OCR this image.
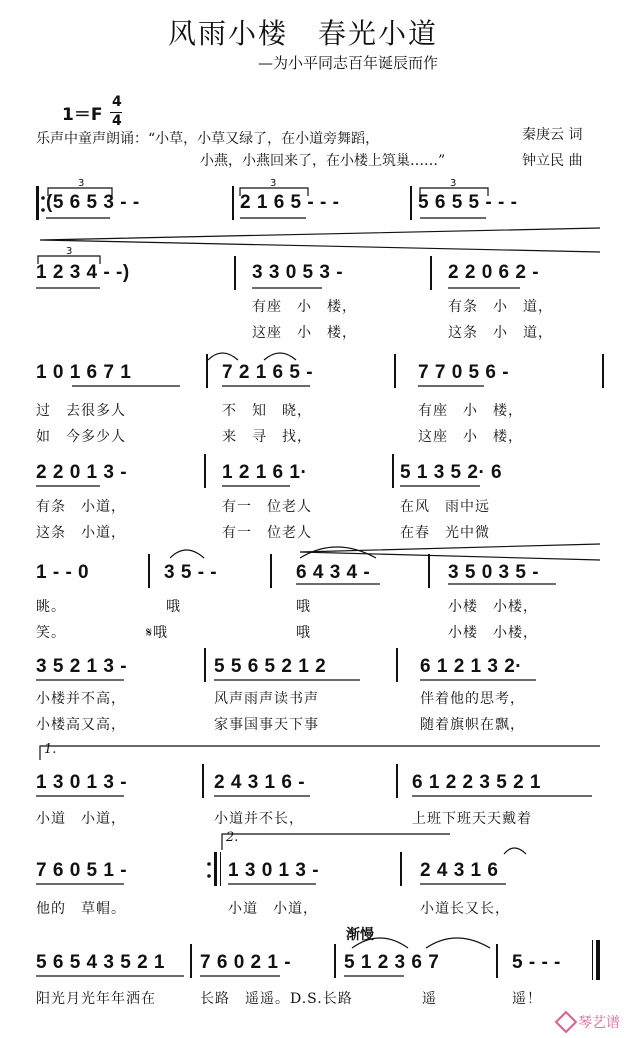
风雨小楼　春光小道
—为小平同志百年诞辰而作
1＝F
4
4
乐声中童声朗诵：“小草，小草又绿了，在小道旁舞蹈，
小燕，小燕回来了，在小楼上筑巢……”
秦庚云 词
钟立民 曲
(5 6 5 3 - -	2 1 6 5 - - -	5 6 5 5 - - -
1 2 3 4 - -)	3 3 0 5 3 -	2 2 0 6 2 -
有座　小　楼，	有条　小　道，
这座　小　楼，	这条　小　道，
1 0 1 6 7 1	7 2 1 6 5 -	7 7 0 5 6 -
过　去很多人	不　知　晓，	有座　小　楼，
如　今多少人	来　寻　找，	这座　小　楼，
2 2 0 1 3 -	1 2 1 6 1·	5 1 3 5 2· 6
有条　小道，	有一　位老人	在风　雨中远
这条　小道，	有一　位老人	在春　光中微
1 - - 0	3 5 - -	6 4 3 4 -	3 5 0 3 5 -
眺。	哦	哦	小楼　小楼，
笑。	𝄋哦	哦	小楼　小楼，
3 5 2 1 3 -	5 5 6 5 2 1 2	6 1 2 1 3 2·
小楼并不高，	风声雨声读书声	伴着他的思考，
小楼高又高，	家事国事天下事	随着旗帜在飘，
1.
1 3 0 1 3 -	2 4 3 1 6 -	6 1 2 2 3 5 2 1
小道　小道，	小道并不长，	上班下班天天戴着
2.
7 6 0 5 1 -	1 3 0 1 3 -	2 4 3 1 6
他的　草帽。	小道　小道，	小道长又长，
渐慢
5 6 5 4 3 5 2 1 7 6 0 2 1 -	5 1 2 3 6 7	5 - - -
阳光月光年年洒在	长路　遥遥。D.S.长路	遥	遥！
3	3	3
3
琴艺谱
